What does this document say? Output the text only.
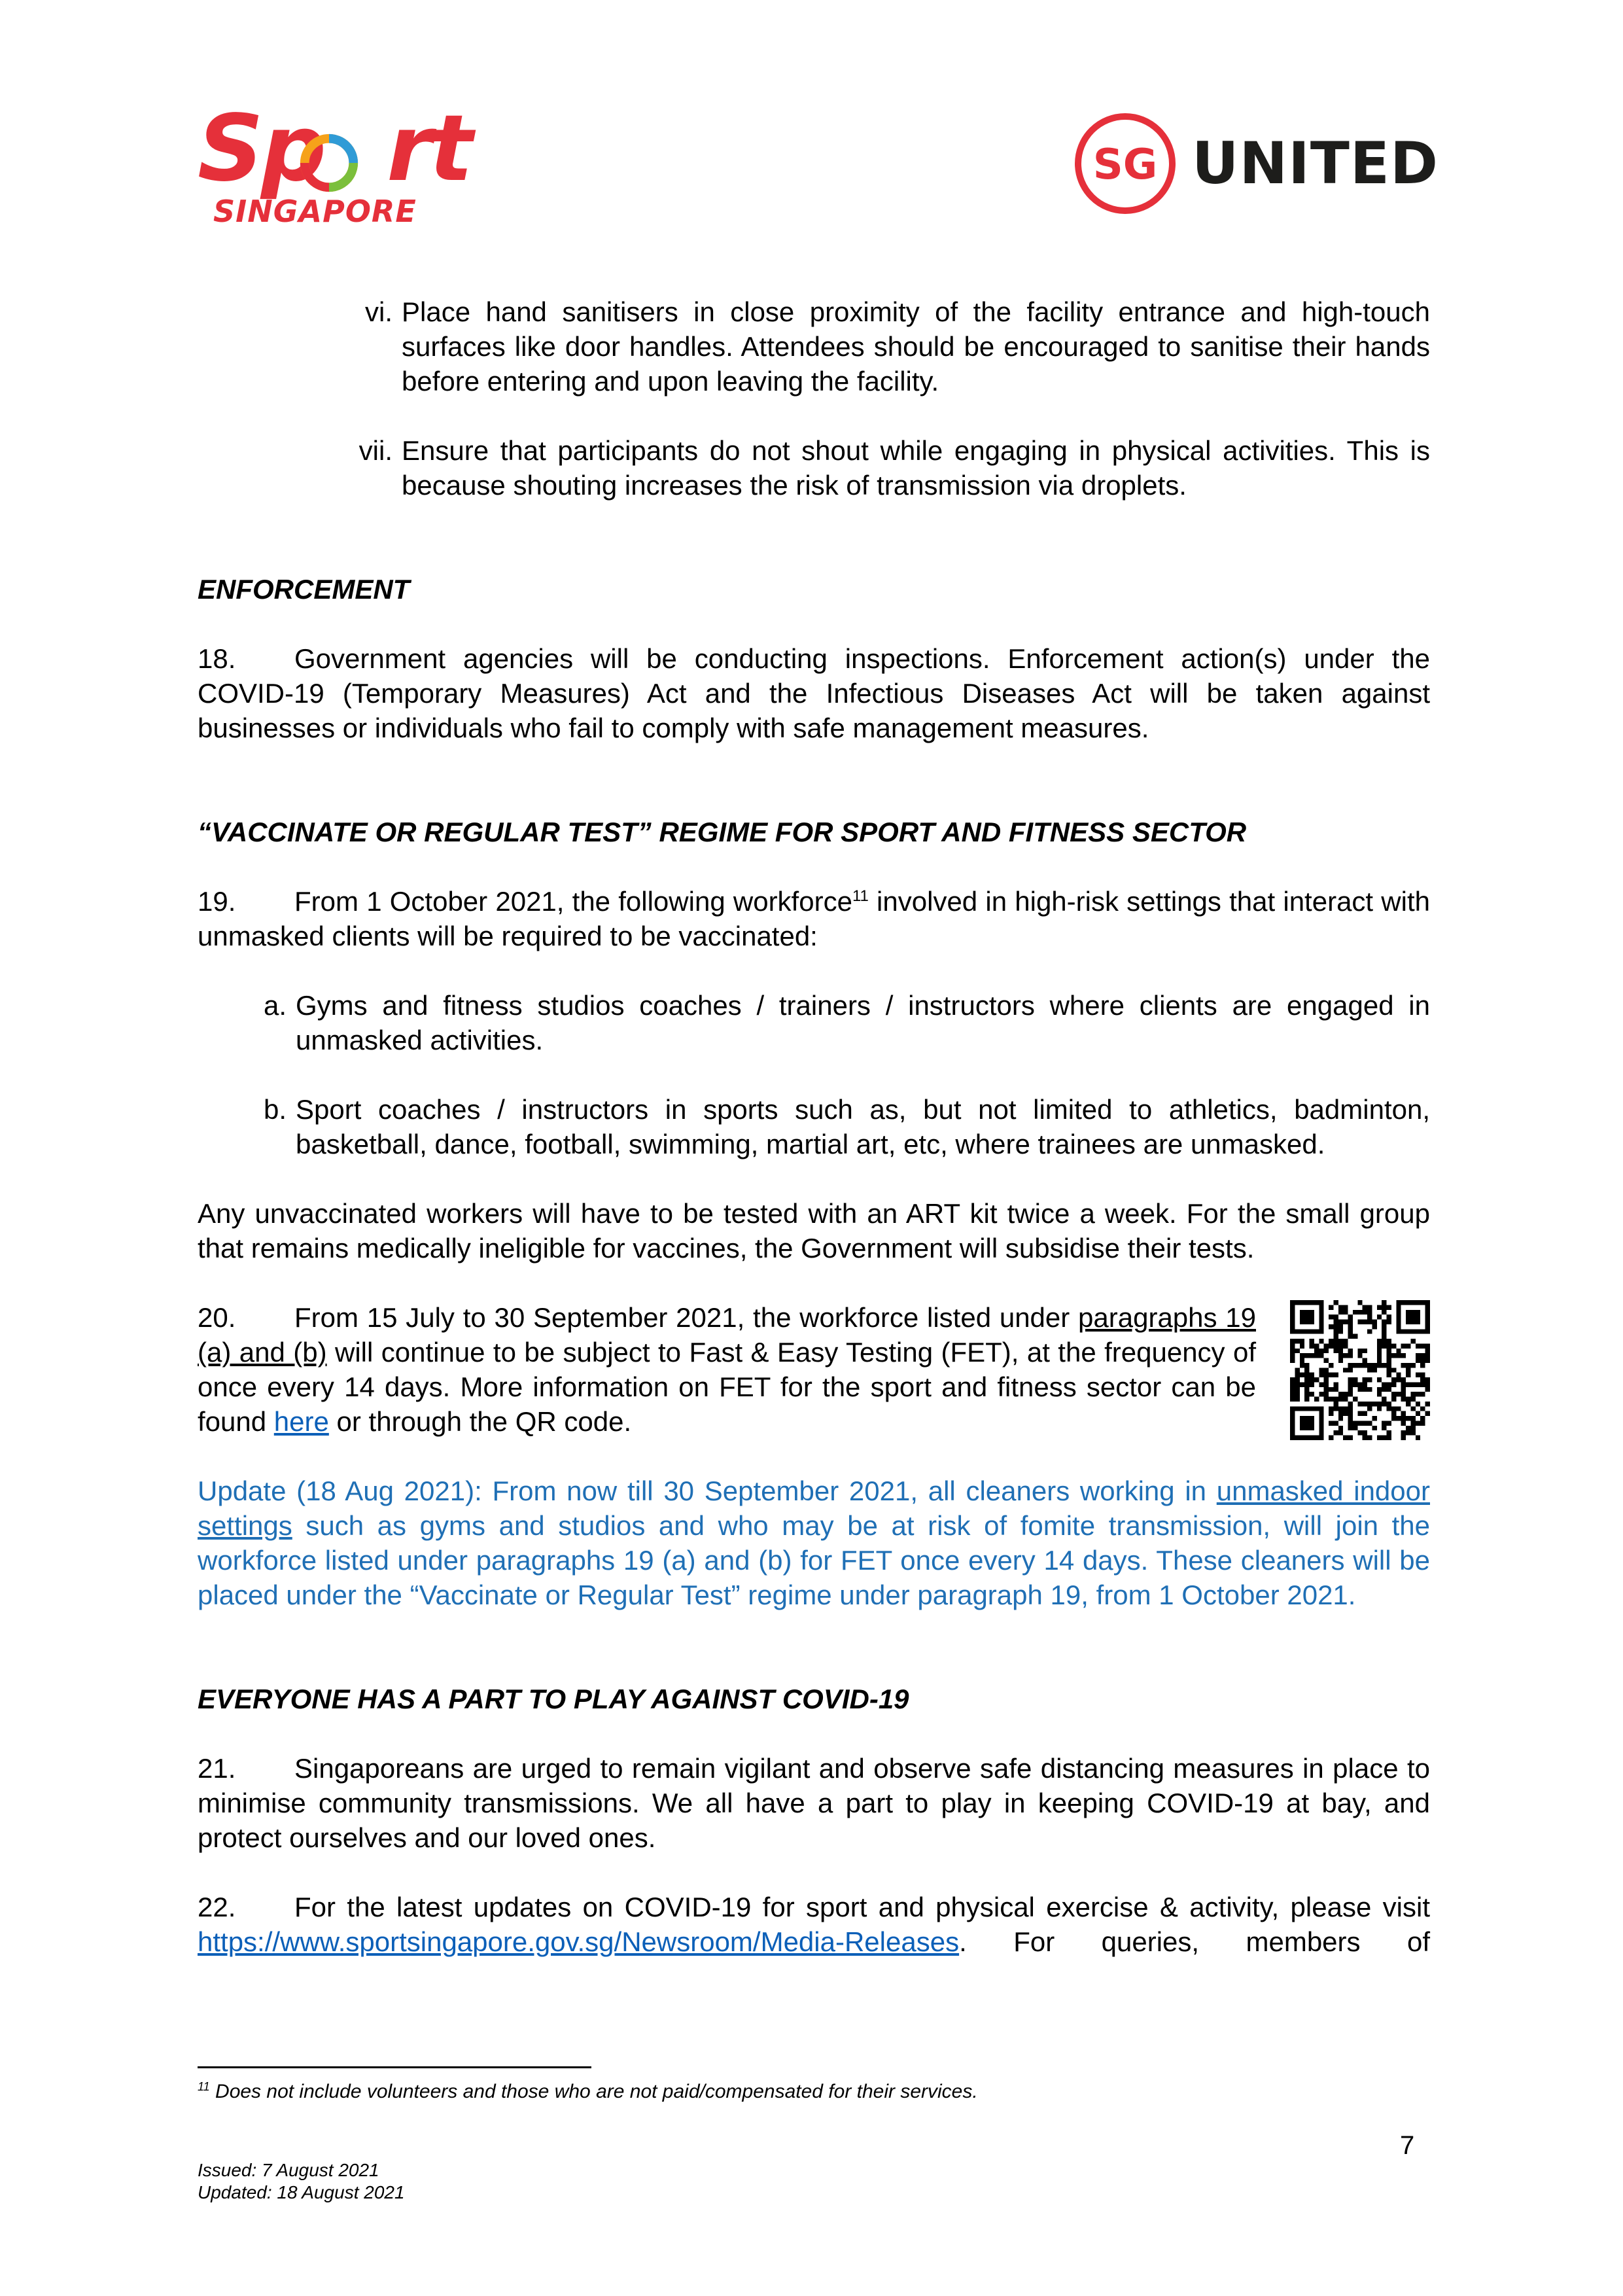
Sp rt
SINGAPORE
SG UNITED
vi. Place hand sanitisers in close proximity of the facility entrance and high-touch surfaces like door handles. Attendees should be encouraged to sanitise their hands before entering and upon leaving the facility.
vii. Ensure that participants do not shout while engaging in physical activities. This is because shouting increases the risk of transmission via droplets.

ENFORCEMENT

18. Government agencies will be conducting inspections. Enforcement action(s) under the COVID-19 (Temporary Measures) Act and the Infectious Diseases Act will be taken against businesses or individuals who fail to comply with safe management measures.

“VACCINATE OR REGULAR TEST” REGIME FOR SPORT AND FITNESS SECTOR

19. From 1 October 2021, the following workforce$^{11}$ involved in high-risk settings that interact with unmasked clients will be required to be vaccinated:

a. Gyms and fitness studios coaches / trainers / instructors where clients are engaged in unmasked activities.
b. Sport coaches / instructors in sports such as, but not limited to athletics, badminton, basketball, dance, football, swimming, martial art, etc, where trainees are unmasked.

Any unvaccinated workers will have to be tested with an ART kit twice a week. For the small group that remains medically ineligible for vaccines, the Government will subsidise their tests.

20. From 15 July to 30 September 2021, the workforce listed under paragraphs 19 (a) and (b) will continue to be subject to Fast & Easy Testing (FET), at the frequency of once every 14 days. More information on FET for the sport and fitness sector can be found here or through the QR code.

Update (18 Aug 2021): From now till 30 September 2021, all cleaners working in unmasked indoor settings such as gyms and studios and who may be at risk of fomite transmission, will join the workforce listed under paragraphs 19 (a) and (b) for FET once every 14 days. These cleaners will be placed under the “Vaccinate or Regular Test” regime under paragraph 19, from 1 October 2021.

EVERYONE HAS A PART TO PLAY AGAINST COVID-19

21. Singaporeans are urged to remain vigilant and observe safe distancing measures in place to minimise community transmissions. We all have a part to play in keeping COVID-19 at bay, and protect ourselves and our loved ones.

22. For the latest updates on COVID-19 for sport and physical exercise & activity, please visit https://www.sportsingapore.gov.sg/Newsroom/Media-Releases. For queries, members of

$^{11}$ Does not include volunteers and those who are not paid/compensated for their services.
7
Issued: 7 August 2021
Updated: 18 August 2021
